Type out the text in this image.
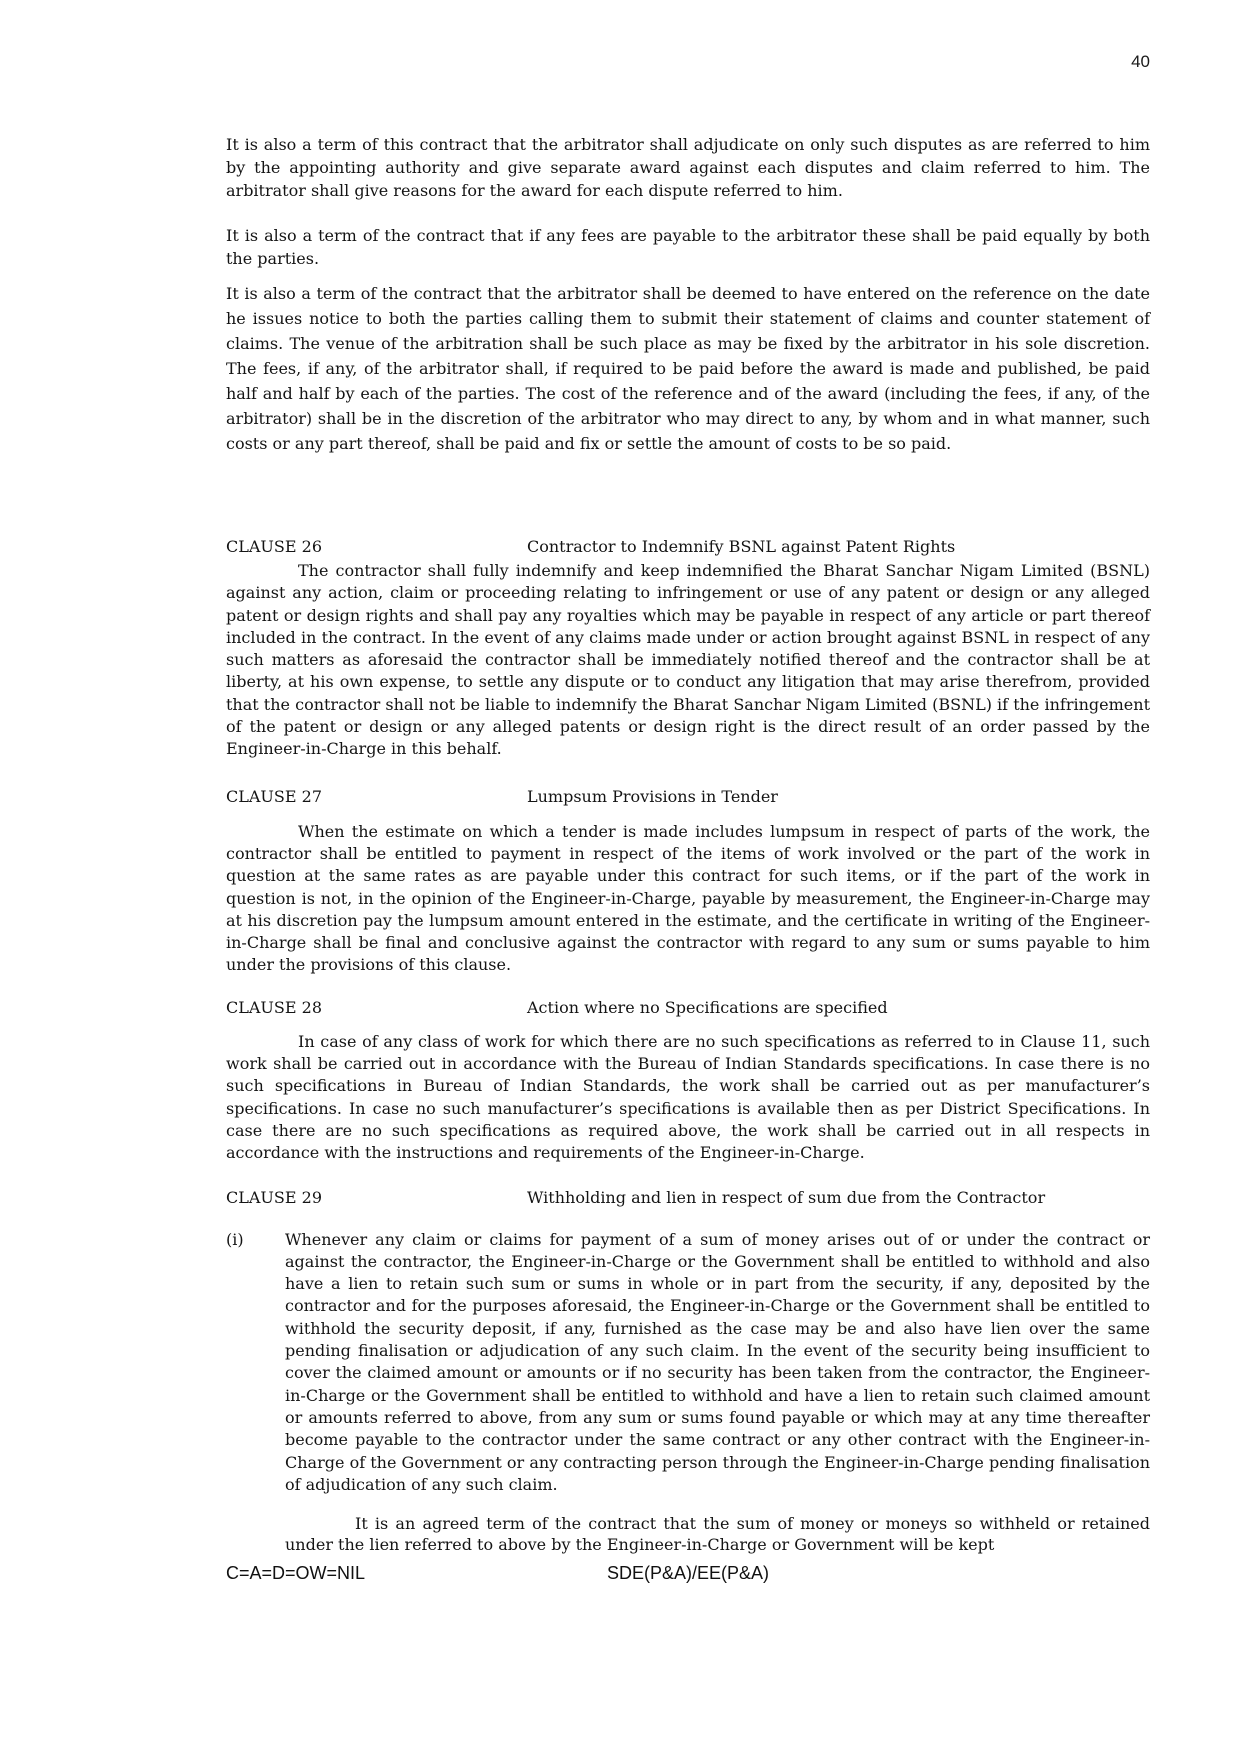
40

It is also a term of this contract that the arbitrator shall adjudicate on only such disputes as are referred to him by the appointing authority and give separate award against each disputes and claim referred to him. The arbitrator shall give reasons for the award for each dispute referred to him.

It is also a term of the contract that if any fees are payable to the arbitrator these shall be paid equally by both the parties.

It is also a term of the contract that the arbitrator shall be deemed to have entered on the reference on the date he issues notice to both the parties calling them to submit their statement of claims and counter statement of claims. The venue of the arbitration shall be such place as may be fixed by the arbitrator in his sole discretion. The fees, if any, of the arbitrator shall, if required to be paid before the award is made and published, be paid half and half by each of the parties. The cost of the reference and of the award (including the fees, if any, of the arbitrator) shall be in the discretion of the arbitrator who may direct to any, by whom and in what manner, such costs or any part thereof, shall be paid and fix or settle the amount of costs to be so paid.

CLAUSE 26	Contractor to Indemnify BSNL against Patent Rights

The contractor shall fully indemnify and keep indemnified the Bharat Sanchar Nigam Limited (BSNL) against any action, claim or proceeding relating to infringement or use of any patent or design or any alleged patent or design rights and shall pay any royalties which may be payable in respect of any article or part thereof included in the contract. In the event of any claims made under or action brought against BSNL in respect of any such matters as aforesaid the contractor shall be immediately notified thereof and the contractor shall be at liberty, at his own expense, to settle any dispute or to conduct any litigation that may arise therefrom, provided that the contractor shall not be liable to indemnify the Bharat Sanchar Nigam Limited (BSNL) if the infringement of the patent or design or any alleged patents or design right is the direct result of an order passed by the Engineer-in-Charge in this behalf.

CLAUSE 27	Lumpsum Provisions in Tender

When the estimate on which a tender is made includes lumpsum in respect of parts of the work, the contractor shall be entitled to payment in respect of the items of work involved or the part of the work in question at the same rates as are payable under this contract for such items, or if the part of the work in question is not, in the opinion of the Engineer-in-Charge, payable by measurement, the Engineer-in-Charge may at his discretion pay the lumpsum amount entered in the estimate, and the certificate in writing of the Engineer-in-Charge shall be final and conclusive against the contractor with regard to any sum or sums payable to him under the provisions of this clause.

CLAUSE 28	Action where no Specifications are specified

In case of any class of work for which there are no such specifications as referred to in Clause 11, such work shall be carried out in accordance with the Bureau of Indian Standards specifications. In case there is no such specifications in Bureau of Indian Standards, the work shall be carried out as per manufacturer’s specifications. In case no such manufacturer’s specifications is available then as per District Specifications. In case there are no such specifications as required above, the work shall be carried out in all respects in accordance with the instructions and requirements of the Engineer-in-Charge.

CLAUSE 29	Withholding and lien in respect of sum due from the Contractor
(i)	Whenever any claim or claims for payment of a sum of money arises out of or under the contract or against the contractor, the Engineer-in-Charge or the Government shall be entitled to withhold and also have a lien to retain such sum or sums in whole or in part from the security, if any, deposited by the contractor and for the purposes aforesaid, the Engineer-in-Charge or the Government shall be entitled to withhold the security deposit, if any, furnished as the case may be and also have lien over the same pending finalisation or adjudication of any such claim. In the event of the security being insufficient to cover the claimed amount or amounts or if no security has been taken from the contractor, the Engineer-in-Charge or the Government shall be entitled to withhold and have a lien to retain such claimed amount or amounts referred to above, from any sum or sums found payable or which may at any time thereafter become payable to the contractor under the same contract or any other contract with the Engineer-in-Charge of the Government or any contracting person through the Engineer-in-Charge pending finalisation of adjudication of any such claim.

It is an agreed term of the contract that the sum of money or moneys so withheld or retained under the lien referred to above by the Engineer-in-Charge or Government will be kept

C=A=D=OW=NIL	SDE(P&A)/EE(P&A)
